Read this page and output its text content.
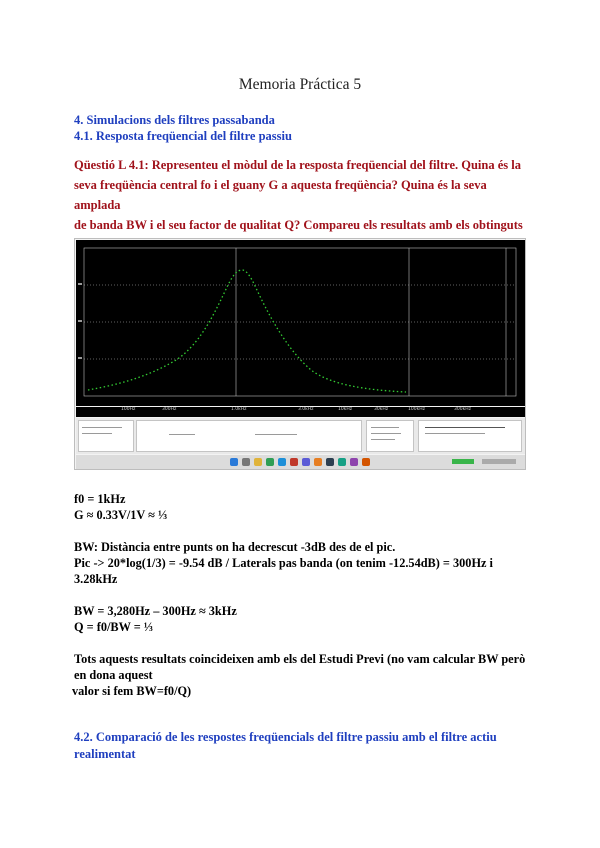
Memoria Práctica 5
4. Simulacions dels filtres passabanda
4.1. Resposta freqüencial del filtre passiu
Qüestió L 4.1: Representeu el mòdul de la resposta freqüencial del filtre. Quina és la
seva freqüència central fo i el guany G a aquesta freqüència? Quina és la seva amplada
de banda BW i el seu factor de qualitat Q? Compareu els resultats amb els obtinguts
100Hz	300Hz	1.0kHz	3.0kHz	10kHz	30kHz	100kHz	300kHz
f0 = 1kHz
G ≈ 0.33V/1V ≈ ⅓
BW: Distància entre punts on ha decrescut -3dB des de el pic.
Pic -> 20*log(1/3) = -9.54 dB / Laterals pas banda (on tenim -12.54dB) = 300Hz i
3.28kHz
BW = 3,280Hz – 300Hz ≈ 3kHz
Q = f0/BW = ⅓
Tots aquests resultats coincideixen amb els del Estudi Previ (no vam calcular BW però
en dona aquest
valor si fem BW=f0/Q)
4.2. Comparació de les respostes freqüencials del filtre passiu amb el filtre actiu
realimentat
